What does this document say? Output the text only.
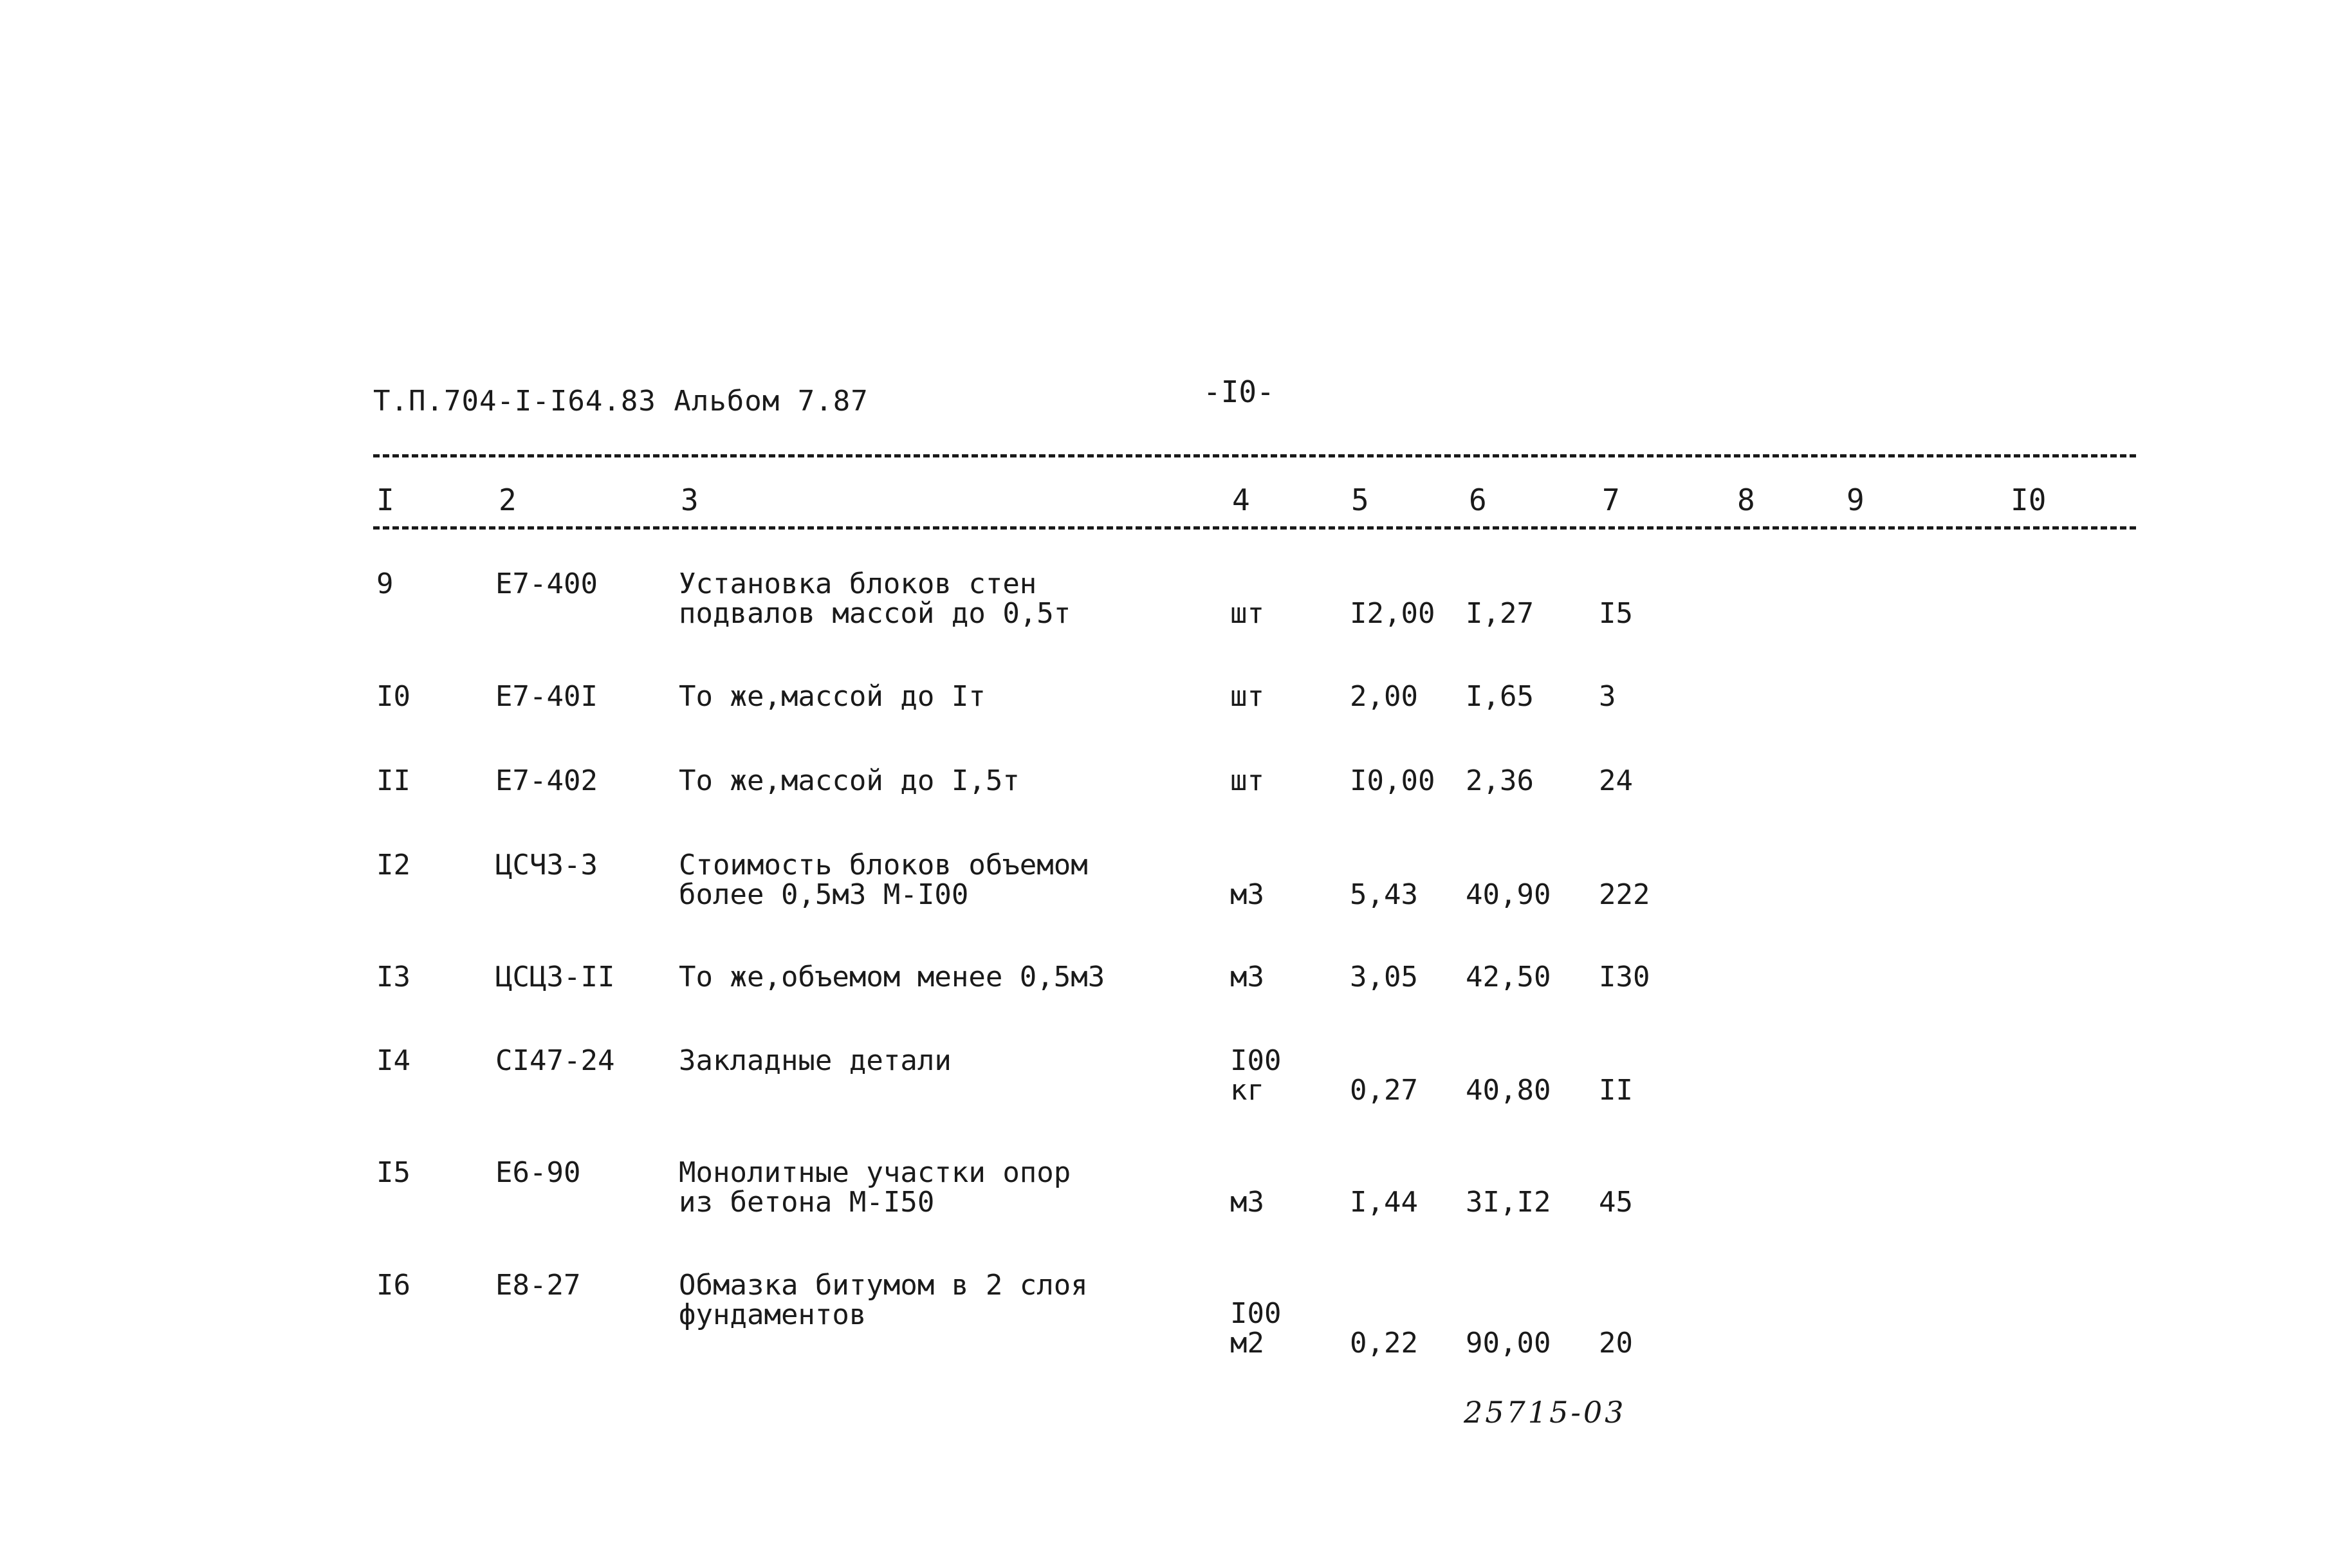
Т.П.704-I-I64.83 Альбом 7.87	-I0-
I	2	3	4	5	6	7	8	9	I0
9	Е7-400	Установка блоков стен
подвалов массой до 0,5т	шт	I2,00 I,27 I5
I0	Е7-40I	То же,массой до Iт	шт	2,00 I,65 3
II	Е7-402	То же,массой до I,5т	шт	I0,00 2,36 24
I2	ЦСЧ3-3	Стоимость блоков объемом
более 0,5м3 М-I00	м3	5,43 40,90 222
I3	ЦСЦ3-II То же,объемом менее 0,5м3	м3	3,05 42,50 I30
I4	СI47-24 Закладные детали	I00
кг	0,27 40,80 II
I5	Е6-90	Монолитные участки опор
из бетона М-I50	м3	I,44 3I,I2 45
I6	Е8-27	Обмазка битумом в 2 слоя
фундаментов	I00
м2	0,22 90,00 20
25715-03
